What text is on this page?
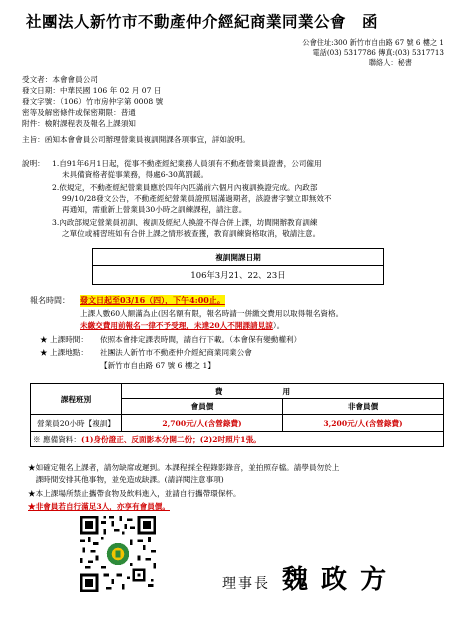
社團法人新竹市不動產仲介經紀商業同業公會　函
公會住址:300 新竹市自由路 67 號 6 樓之 1
電話(03) 5317786 傳真:(03) 5317713
聯絡人：秘書
受文者：本會會員公司
發文日期：中華民國 106 年 02 月 07 日
發文字號：（106）竹市房仲字第 0008 號
密等及解密條件或保密期限：普通
附件：檢附課程表及報名上課須知
主旨：函知本會會員公司辦理營業員複訓開課各項事宜，詳如說明。
說明： 1.自91年6月1日起，從事不動產經紀業務人員須有不動產營業員證書，公司僱用
未具備資格者從事業務，得處6-30萬罰鍰。
2.依規定，不動產經紀營業員應於四年內匹滿前六個月內複訓換證完成。內政部
99/10/28發文公告，不動產經紀營業員證照屆滿過期者，該證書字號立即無效不
再通知，需重新上營業員30小時之訓練課程，請注意。
3.內政部規定營業員初訓、複訓及經紀人換證不得合併上課，坊間開辦教育訓練
之單位或補習班如有合併上課之情形被查獲，教育訓練資格取消，敬請注意。
複訓開課日期
106年3月21、22、23日
報名時間： 發文日起至03/16（四），下午4:00止。
上課人數60人額滿為止(因名額有限，報名時請一併繳交費用以取得報名資格。
未繳交費用前報名一律不予受理，未達20人不開課請見諒）。
★ 上課時間： 依照本會排定課表時間，請自行下載。（本會保有變動權利）
★ 上課地點： 社團法人新竹市不動產仲介經紀商業同業公會
【新竹市自由路 67 號 6 樓之 1】
課程班別	費用	
	會員價	非會員價
營業員20小時【複訓】	2,700元/人(含營錄費)	3,200元/人(含營錄費)
※ 應備資料：(1)身份證正、反面影本分開二份；(2)2吋照片1張。		
★如確定報名上課者，請勿缺席或遲到。本課程採全程錄影錄音，並拍照存檔。請學員勿於上
　課時間安排其他事物，並免造成缺課。(請詳閱注意事項)
★本上課場所禁止攜帶食物及飲料進入，並請自行攜帶環保杯。
★非會員若自行滿足3人，亦享有會員價。
理事長 魏 政 方
